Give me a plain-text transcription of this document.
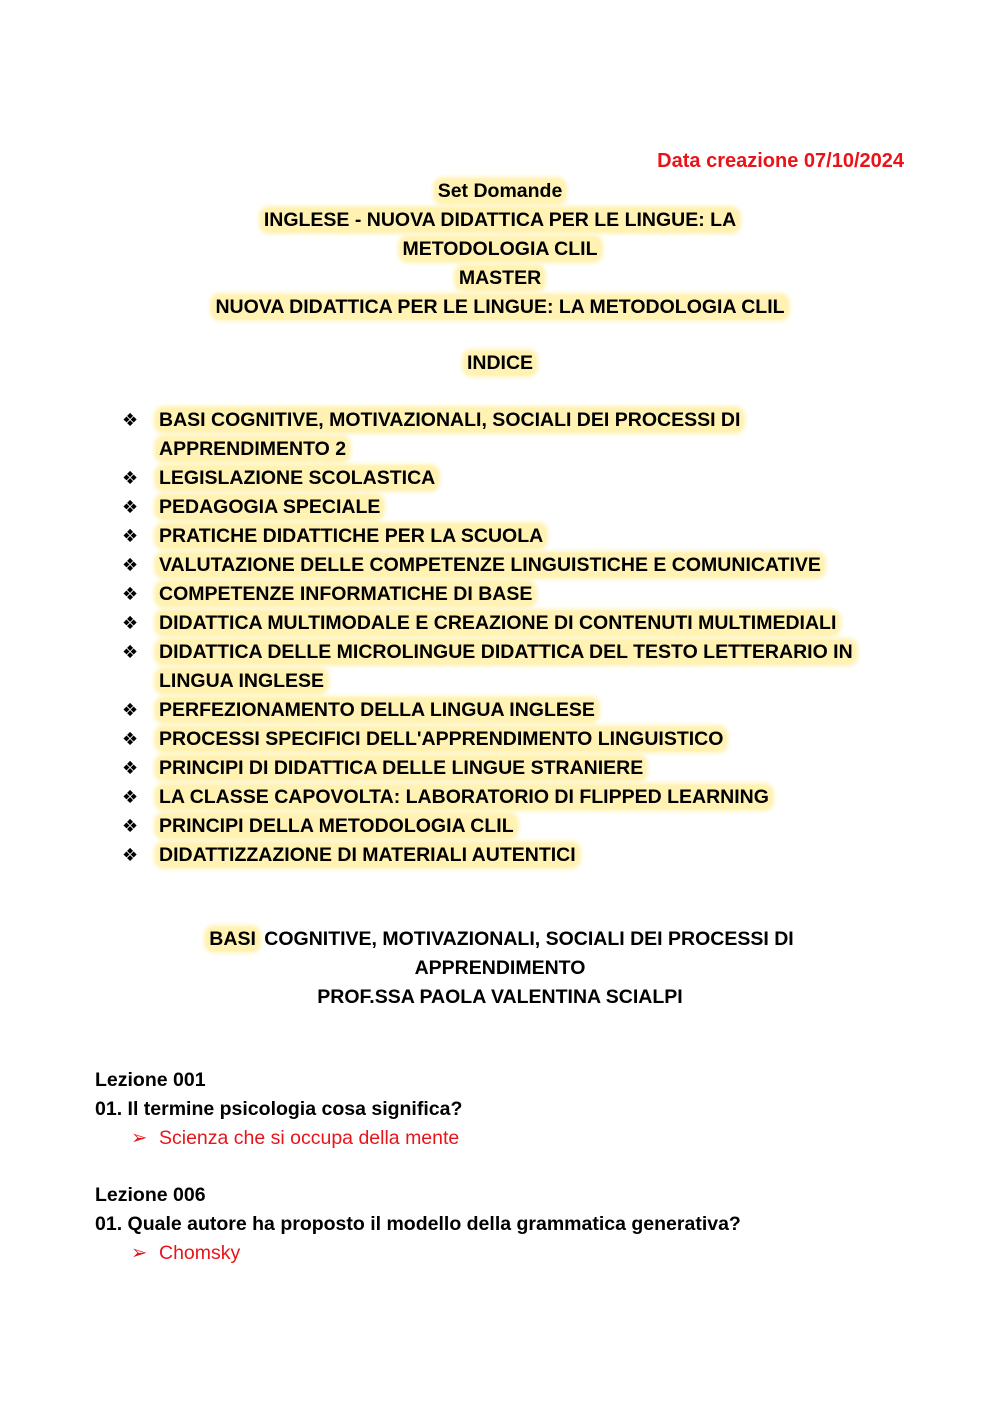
Data creazione 07/10/2024
Set Domande
INGLESE - NUOVA DIDATTICA PER LE LINGUE: LA
METODOLOGIA CLIL
MASTER
NUOVA DIDATTICA PER LE LINGUE: LA METODOLOGIA CLIL
INDICE
❖	BASI COGNITIVE, MOTIVAZIONALI, SOCIALI DEI PROCESSI DI
APPRENDIMENTO 2
❖	LEGISLAZIONE SCOLASTICA
❖	PEDAGOGIA SPECIALE
❖	PRATICHE DIDATTICHE PER LA SCUOLA
❖	VALUTAZIONE DELLE COMPETENZE LINGUISTICHE E COMUNICATIVE
❖	COMPETENZE INFORMATICHE DI BASE
❖	DIDATTICA MULTIMODALE E CREAZIONE DI CONTENUTI MULTIMEDIALI
❖	DIDATTICA DELLE MICROLINGUE DIDATTICA DEL TESTO LETTERARIO IN
LINGUA INGLESE
❖	PERFEZIONAMENTO DELLA LINGUA INGLESE
❖	PROCESSI SPECIFICI DELL'APPRENDIMENTO LINGUISTICO
❖	PRINCIPI DI DIDATTICA DELLE LINGUE STRANIERE
❖	LA CLASSE CAPOVOLTA: LABORATORIO DI FLIPPED LEARNING
❖	PRINCIPI DELLA METODOLOGIA CLIL
❖	DIDATTIZZAZIONE DI MATERIALI AUTENTICI
BASI COGNITIVE, MOTIVAZIONALI, SOCIALI DEI PROCESSI DI
APPRENDIMENTO
PROF.SSA PAOLA VALENTINA SCIALPI
Lezione 001
01. Il termine psicologia cosa significa?
➢ Scienza che si occupa della mente
Lezione 006
01. Quale autore ha proposto il modello della grammatica generativa?
➢ Chomsky
